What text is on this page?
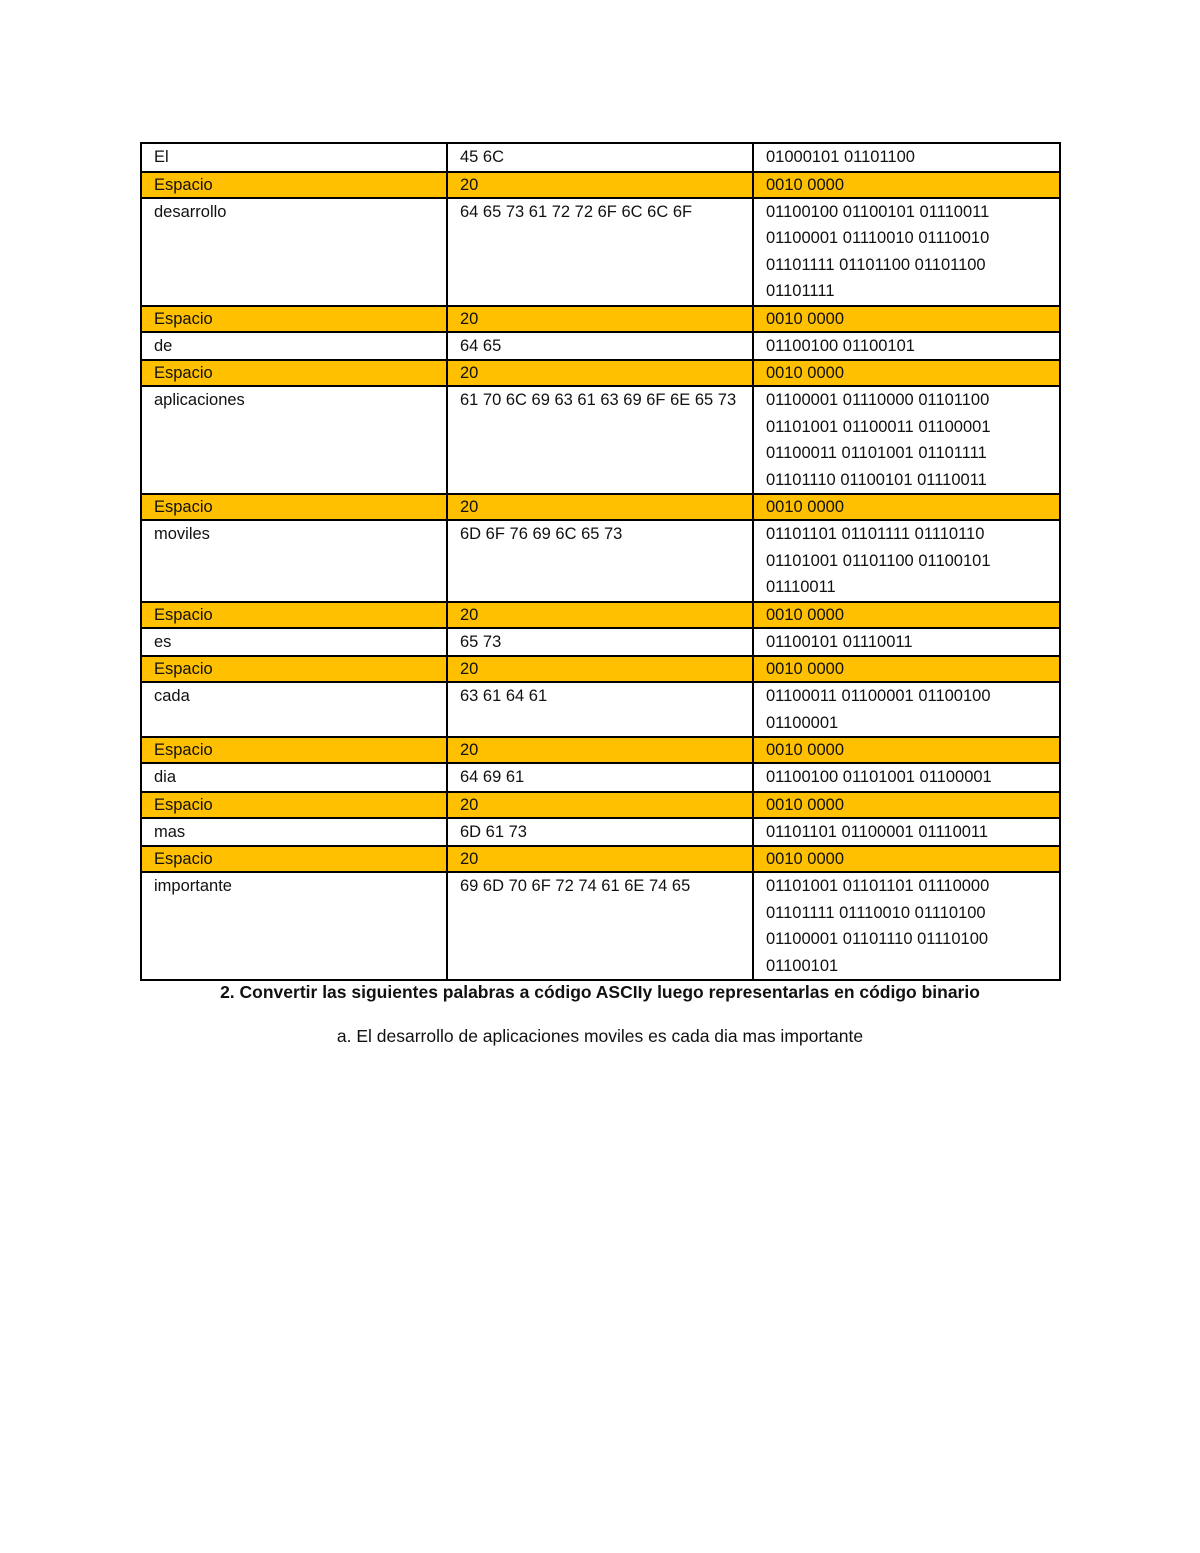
El	45 6C	01000101 01101100
Espacio	20	0010 0000
desarrollo	64 65 73 61 72 72 6F 6C 6C 6F	01100100 01100101 01110011 01100001 01110010 01110010 01101111 01101100 01101100 01101111
Espacio	20	0010 0000
de	64 65	01100100 01100101
Espacio	20	0010 0000
aplicaciones	61 70 6C 69 63 61 63 69 6F 6E 65 73	01100001 01110000 01101100 01101001 01100011 01100001 01100011 01101001 01101111 01101110 01100101 01110011
Espacio	20	0010 0000
moviles	6D 6F 76 69 6C 65 73	01101101 01101111 01110110 01101001 01101100 01100101 01110011
Espacio	20	0010 0000
es	65 73	01100101 01110011
Espacio	20	0010 0000
cada	63 61 64 61	01100011 01100001 01100100 01100001
Espacio	20	0010 0000
dia	64 69 61	01100100 01101001 01100001
Espacio	20	0010 0000
mas	6D 61 73	01101101 01100001 01110011
Espacio	20	0010 0000
importante	69 6D 70 6F 72 74 61 6E 74 65	01101001 01101101 01110000 01101111 01110010 01110100 01100001 01101110 01110100 01100101
2. Convertir las siguientes palabras a código ASCIIy luego representarlas en código binario
a. El desarrollo de aplicaciones moviles es cada dia mas importante
